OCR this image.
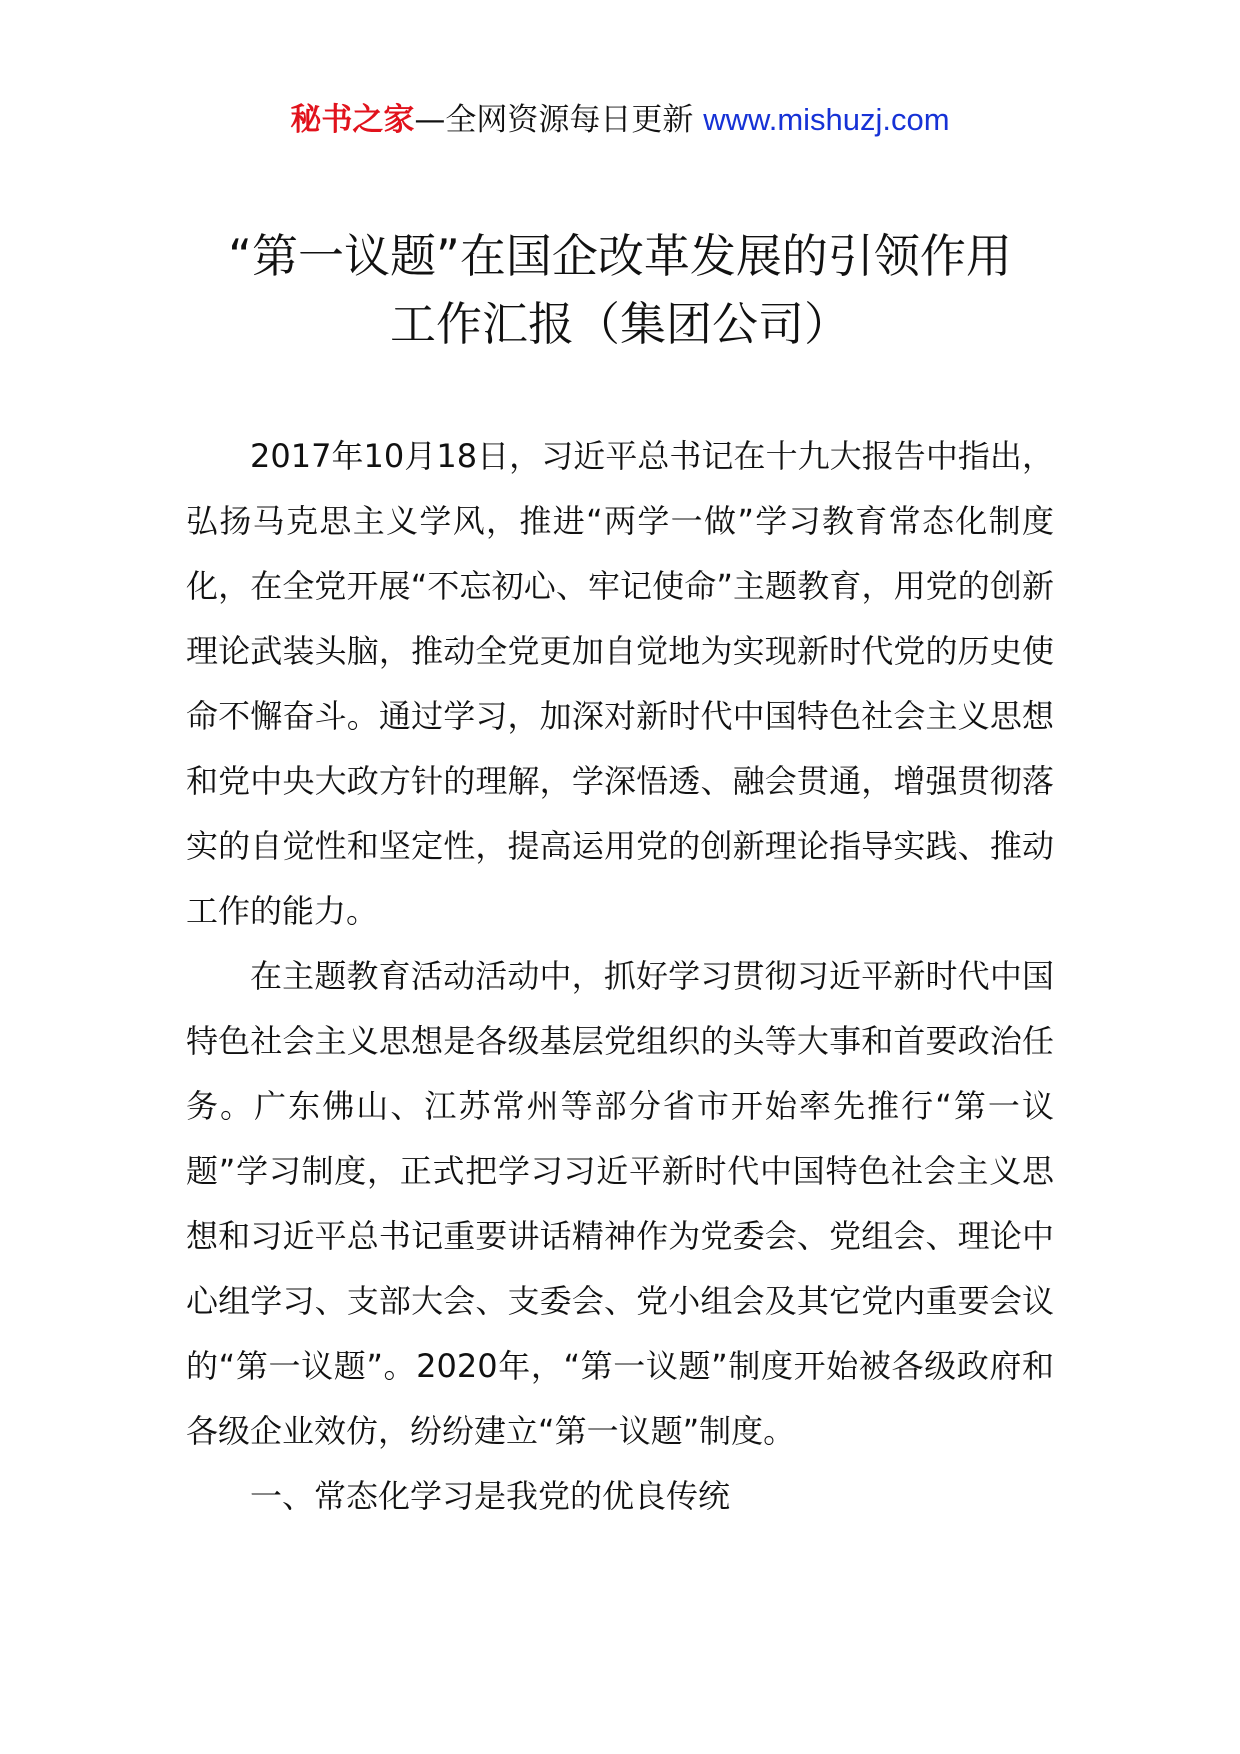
秘书之家—全网资源每日更新 www.mishuzj.com
“第一议题”在国企改革发展的引领作用
工作汇报（集团公司）

2017年10月18日，习近平总书记在十九大报告中指出，弘扬马克思主义学风，推进“两学一做”学习教育常态化制度化，在全党开展“不忘初心、牢记使命”主题教育，用党的创新理论武装头脑，推动全党更加自觉地为实现新时代党的历史使命不懈奋斗。通过学习，加深对新时代中国特色社会主义思想和党中央大政方针的理解，学深悟透、融会贯通，增强贯彻落实的自觉性和坚定性，提高运用党的创新理论指导实践、推动工作的能力。

在主题教育活动活动中，抓好学习贯彻习近平新时代中国特色社会主义思想是各级基层党组织的头等大事和首要政治任务。广东佛山、江苏常州等部分省市开始率先推行“第一议题”学习制度，正式把学习习近平新时代中国特色社会主义思想和习近平总书记重要讲话精神作为党委会、党组会、理论中心组学习、支部大会、支委会、党小组会及其它党内重要会议的“第一议题”。2020年，“第一议题”制度开始被各级政府和各级企业效仿，纷纷建立“第一议题”制度。

一、常态化学习是我党的优良传统
